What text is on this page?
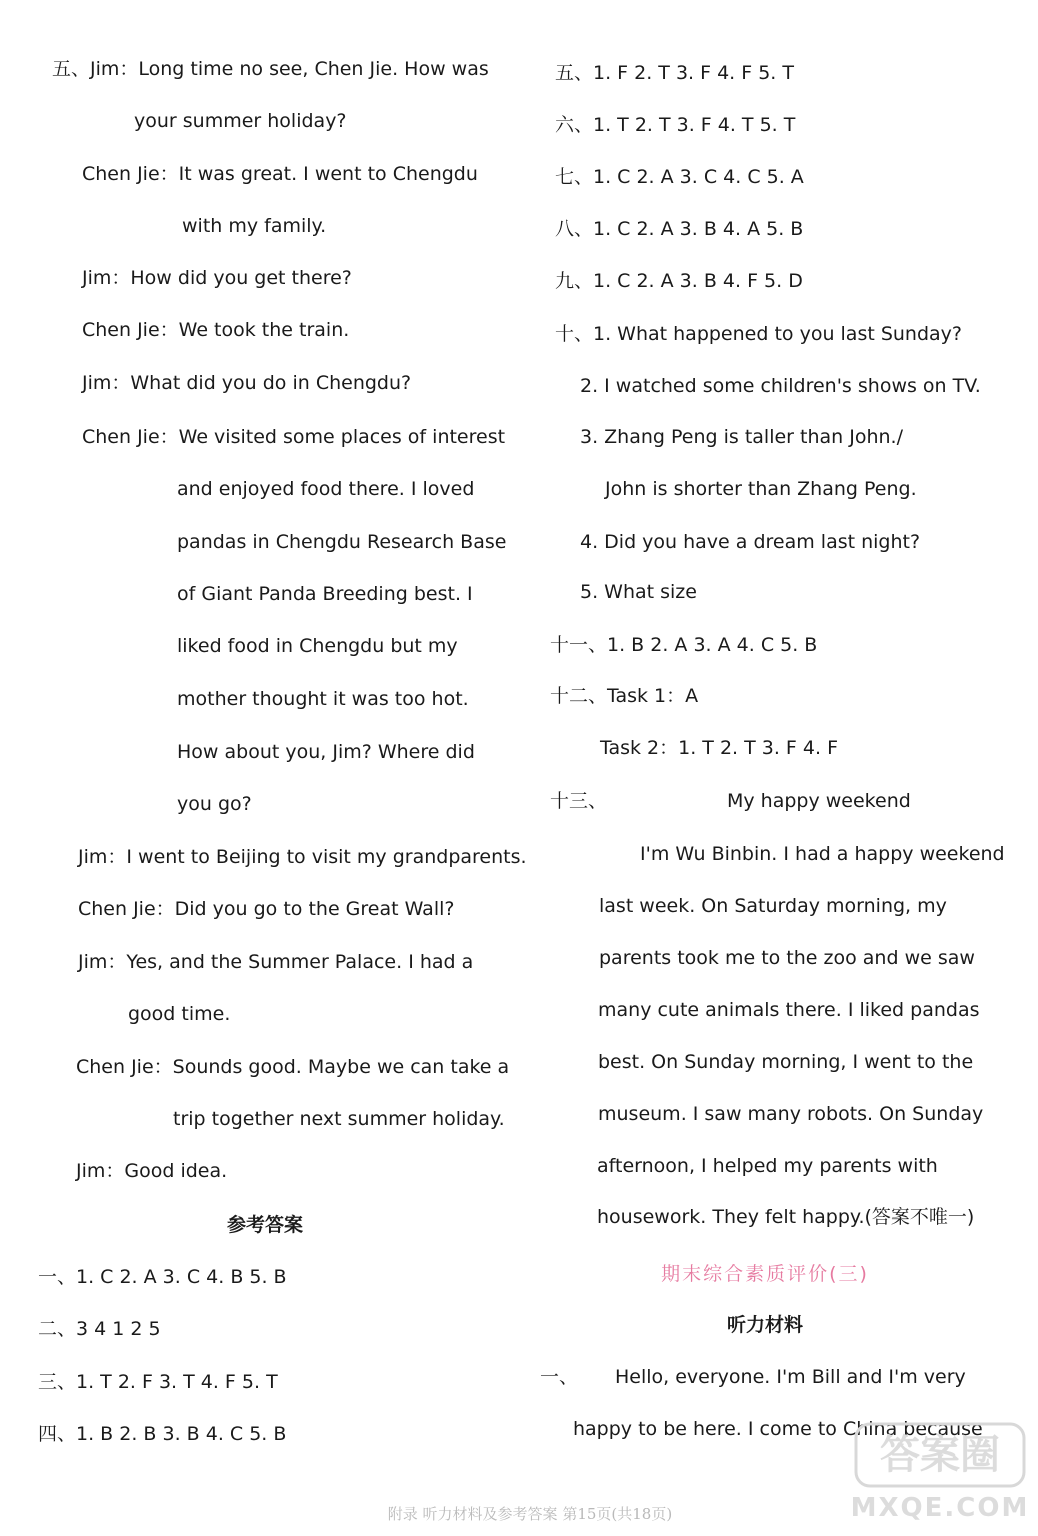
五、Jim：Long time no see, Chen Jie. How was
your summer holiday?
Chen Jie：It was great. I went to Chengdu
with my family.
Jim：How did you get there?
Chen Jie：We took the train.
Jim：What did you do in Chengdu?
Chen Jie：We visited some places of interest
and enjoyed food there. I loved
pandas in Chengdu Research Base
of Giant Panda Breeding best. I
liked food in Chengdu but my
mother thought it was too hot.
How about you, Jim? Where did
you go?
Jim：I went to Beijing to visit my grandparents.
Chen Jie：Did you go to the Great Wall?
Jim：Yes, and the Summer Palace. I had a
good time.
Chen Jie：Sounds good. Maybe we can take a
trip together next summer holiday.
Jim：Good idea.
参考答案
一、1. C 2. A 3. C 4. B 5. B
二、3 4 1 2 5
三、1. T 2. F 3. T 4. F 5. T
四、1. B 2. B 3. B 4. C 5. B
五、1. F 2. T 3. F 4. F 5. T
六、1. T 2. T 3. F 4. T 5. T
七、1. C 2. A 3. C 4. C 5. A
八、1. C 2. A 3. B 4. A 5. B
九、1. C 2. A 3. B 4. F 5. D
十、1. What happened to you last Sunday?
2. I watched some children's shows on TV.
3. Zhang Peng is taller than John./
John is shorter than Zhang Peng.
4. Did you have a dream last night?
5. What size
十一、1. B 2. A 3. A 4. C 5. B
十二、Task 1：A
Task 2：1. T 2. T 3. F 4. F
十三、	My happy weekend
I'm Wu Binbin. I had a happy weekend
last week. On Saturday morning, my
parents took me to the zoo and we saw
many cute animals there. I liked pandas
best. On Sunday morning, I went to the
museum. I saw many robots. On Sunday
afternoon, I helped my parents with
housework. They felt happy.(答案不唯一)
期末综合素质评价(三)
听力材料
一、 Hello, everyone. I'm Bill and I'm very
happy to be here. I come to China because
附录 听力材料及参考答案 第15页(共18页)
答案圈
MXQE.COM
